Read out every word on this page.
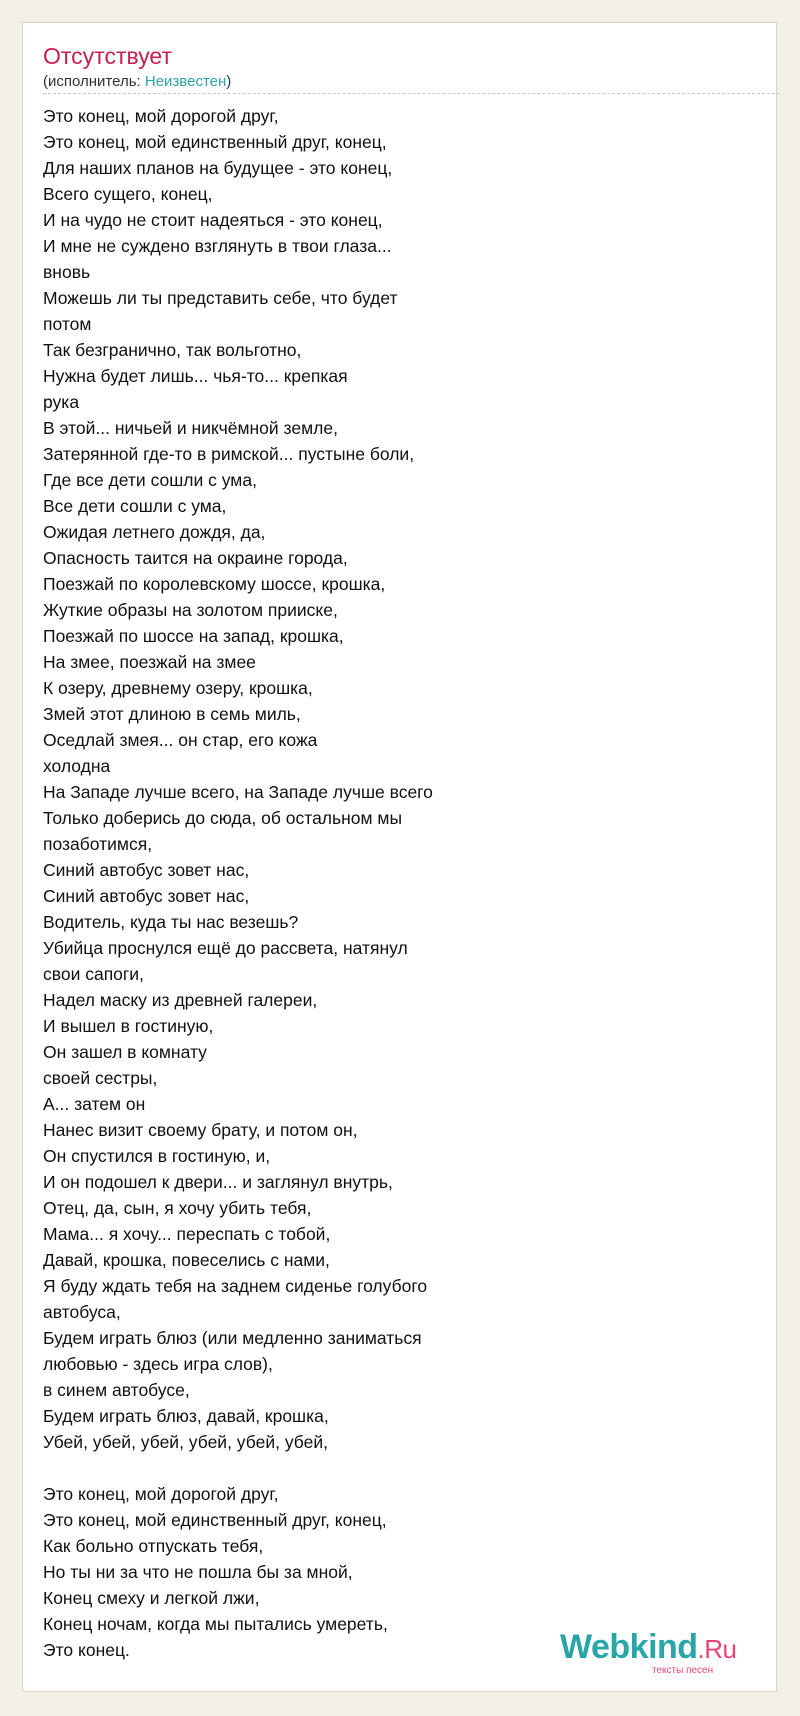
Отсутствует
(исполнитель: Неизвестен)
Это конец, мой дорогой друг,
Это конец, мой единственный друг, конец,
Для наших планов на будущее - это конец,
Всего сущего, конец,
И на чудо не стоит надеяться - это конец,
И мне не суждено взглянуть в твои глаза...
вновь
Можешь ли ты представить себе, что будет
потом
Так безгранично, так вольготно,
Нужна будет лишь... чья-то... крепкая
рука
В этой... ничьей и никчёмной земле,
Затерянной где-то в римской... пустыне боли,
Где все дети сошли с ума,
Все дети сошли с ума,
Ожидая летнего дождя, да,
Опасность таится на окраине города,
Поезжай по королевскому шоссе, крошка,
Жуткие образы на золотом прииске,
Поезжай по шоссе на запад, крошка,
На змее, поезжай на змее
К озеру, древнему озеру, крошка,
Змей этот длиною в семь миль,
Оседлай змея... он стар, его кожа
холодна
На Западе лучше всего, на Западе лучше всего
Только доберись до сюда, об остальном мы
позаботимся,
Синий автобус зовет нас,
Синий автобус зовет нас,
Водитель, куда ты нас везешь?
Убийца проснулся ещё до рассвета, натянул
свои сапоги,
Надел маску из древней галереи,
И вышел в гостиную,
Он зашел в комнату
своей сестры,
А... затем он
Нанес визит своему брату, и потом он,
Он спустился в гостиную, и,
И он подошел к двери... и заглянул внутрь,
Отец, да, сын, я хочу убить тебя,
Мама... я хочу... переспать с тобой,
Давай, крошка, повеселись с нами,
Я буду ждать тебя на заднем сиденье голубого
автобуса,
Будем играть блюз (или медленно заниматься
любовью - здесь игра слов),
в синем автобусе,
Будем играть блюз, давай, крошка,
Убей, убей, убей, убей, убей, убей,
Это конец, мой дорогой друг,
Это конец, мой единственный друг, конец,
Как больно отпускать тебя,
Но ты ни за что не пошла бы за мной,
Конец смеху и легкой лжи,
Конец ночам, когда мы пытались умереть,
Это конец.	Webkind.Ru
тексты песен
